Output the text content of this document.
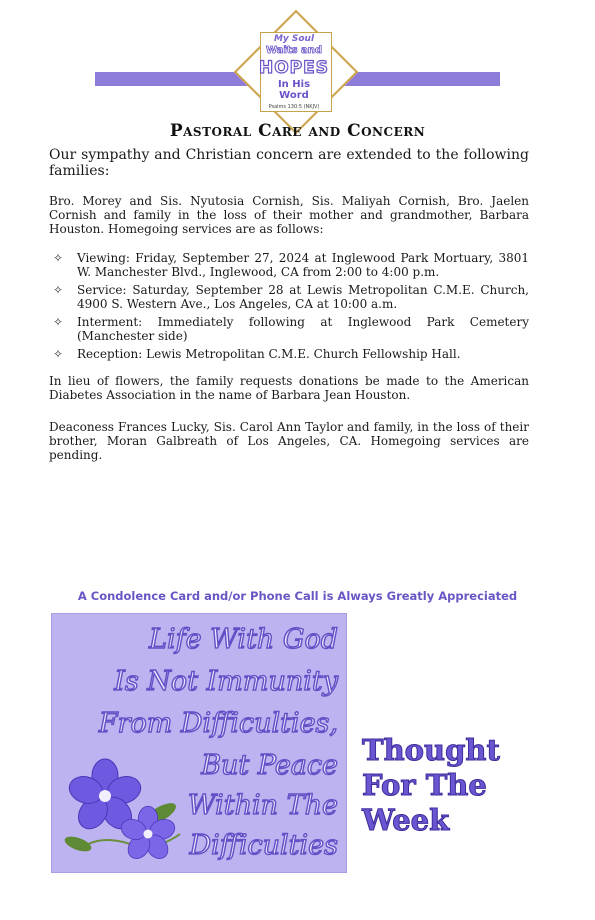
My Soul
Waits and
HOPES
In His
Word
Psalms 130:5 (NKJV)
Pastoral Care and Concern
Our sympathy and Christian concern are extended to the following families:
Bro. Morey and Sis. Nyutosia Cornish, Sis. Maliyah Cornish, Bro. Jaelen Cornish and family in the loss of their mother and grandmother, Barbara Houston. Homegoing services are as follows:
✧ Viewing: Friday, September 27, 2024 at Inglewood Park Mortuary, 3801 W. Manchester Blvd., Inglewood, CA from 2:00 to 4:00 p.m.
✧ Service: Saturday, September 28 at Lewis Metropolitan C.M.E. Church, 4900 S. Western Ave., Los Angeles, CA at 10:00 a.m.
✧ Interment: Immediately following at Inglewood Park Cemetery (Manchester side)
✧ Reception: Lewis Metropolitan C.M.E. Church Fellowship Hall.
In lieu of flowers, the family requests donations be made to the American Diabetes Association in the name of Barbara Jean Houston.
Deaconess Frances Lucky, Sis. Carol Ann Taylor and family, in the loss of their brother, Moran Galbreath of Los Angeles, CA. Homegoing services are pending.
A Condolence Card and/or Phone Call is Always Greatly Appreciated
Life With God
Is Not Immunity
From Difficulties,
But Peace
Within The
Difficulties
Thought
For The
Week
